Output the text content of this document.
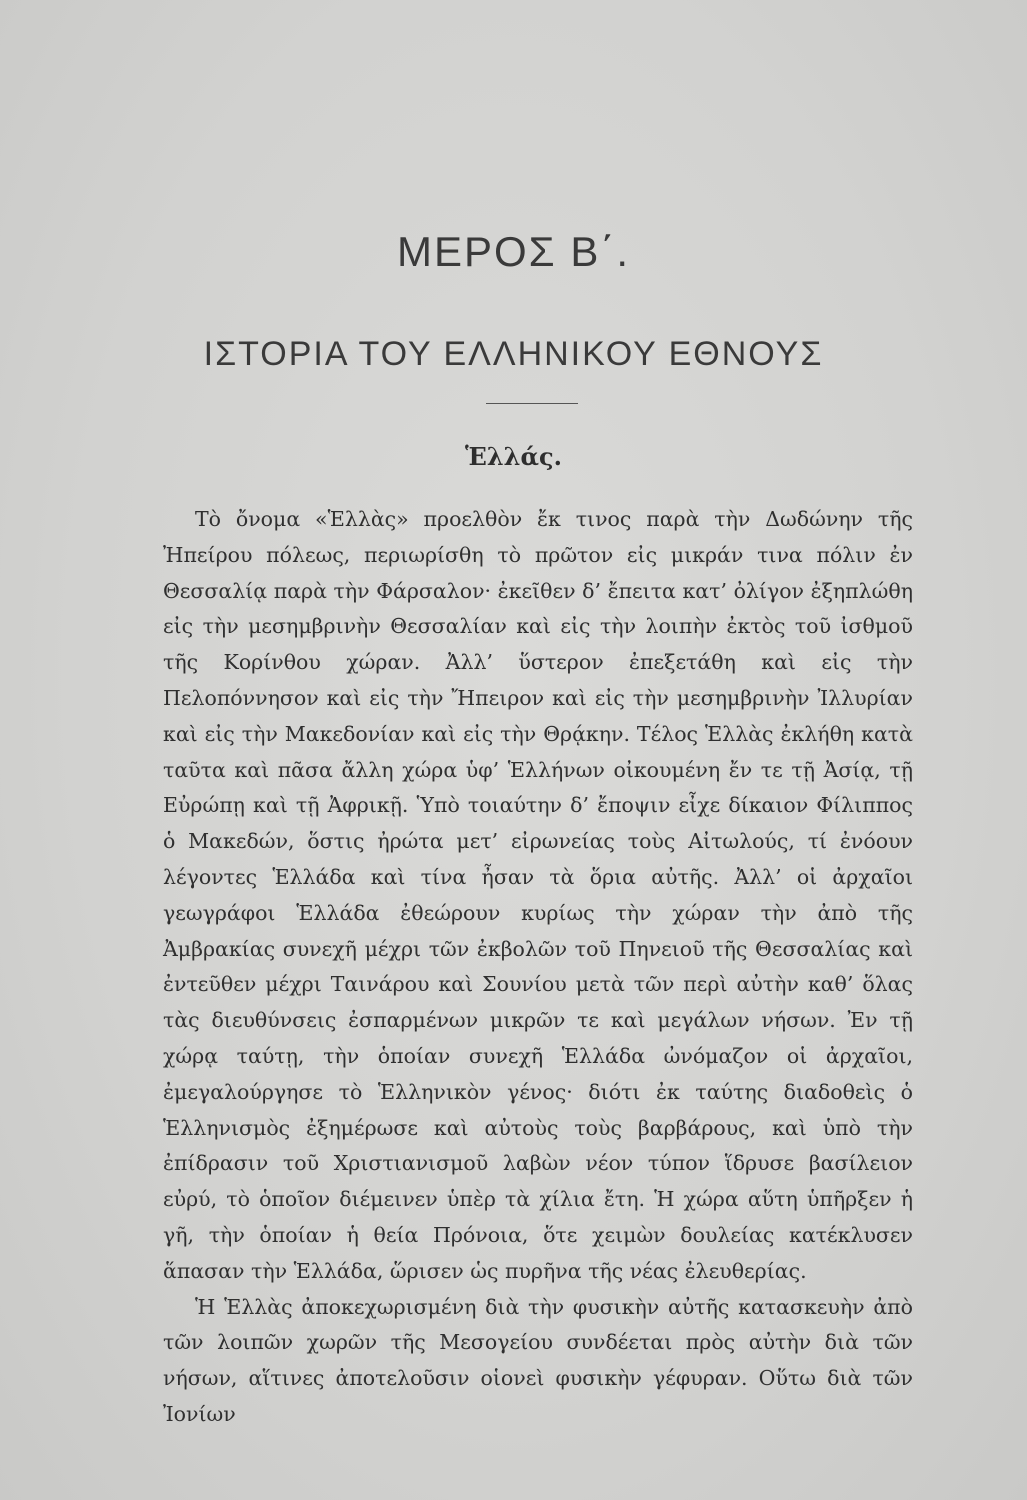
ΜΕΡΟΣ Β΄.
ΙΣΤΟΡΙΑ ΤΟΥ ΕΛΛΗΝΙΚΟΥ ΕΘΝΟΥΣ
Ἑλλάς.

Τὸ ὄνομα «Ἑλλὰς» προελθὸν ἔκ τινος παρὰ τὴν Δωδώνην τῆς Ἠπείρου πόλεως, περιωρίσθη τὸ πρῶτον εἰς μικράν τινα πόλιν ἐν Θεσσαλίᾳ παρὰ τὴν Φάρσαλον· ἐκεῖθεν δ’ ἔπειτα κατ’ ὀλίγον ἐξηπλώθη εἰς τὴν μεσημβρινὴν Θεσσαλίαν καὶ εἰς τὴν λοιπὴν ἐκτὸς τοῦ ἰσθμοῦ τῆς Κορίνθου χώραν. Ἀλλ’ ὕστερον ἐπεξετάθη καὶ εἰς τὴν Πελοπόννησον καὶ εἰς τὴν Ἤπειρον καὶ εἰς τὴν μεσημβρινὴν Ἰλλυρίαν καὶ εἰς τὴν Μακεδονίαν καὶ εἰς τὴν Θρᾴκην. Τέλος Ἑλλὰς ἐκλήθη κατὰ ταῦτα καὶ πᾶσα ἄλλη χώρα ὑφ’ Ἑλλήνων οἰκουμένη ἔν τε τῇ Ἀσίᾳ, τῇ Εὐρώπῃ καὶ τῇ Ἀφρικῇ. Ὑπὸ τοιαύτην δ’ ἔποψιν εἶχε δίκαιον Φίλιππος ὁ Μακεδών, ὅστις ἠρώτα μετ’ εἰρωνείας τοὺς Αἰτωλούς, τί ἐνόουν λέγοντες Ἑλλάδα καὶ τίνα ἦσαν τὰ ὅρια αὐτῆς. Ἀλλ’ οἱ ἀρχαῖοι γεωγράφοι Ἑλλάδα ἐθεώρουν κυρίως τὴν χώραν τὴν ἀπὸ τῆς Ἀμβρακίας συνεχῆ μέχρι τῶν ἐκβολῶν τοῦ Πηνειοῦ τῆς Θεσσαλίας καὶ ἐντεῦθεν μέχρι Ταινάρου καὶ Σουνίου μετὰ τῶν περὶ αὐτὴν καθ’ ὅλας τὰς διευθύνσεις ἐσπαρμένων μικρῶν τε καὶ μεγάλων νήσων. Ἐν τῇ χώρᾳ ταύτῃ, τὴν ὁποίαν συνεχῆ Ἑλλάδα ὠνόμαζον οἱ ἀρχαῖοι, ἐμεγαλούργησε τὸ Ἑλληνικὸν γένος· διότι ἐκ ταύτης διαδοθεὶς ὁ Ἑλληνισμὸς ἐξημέρωσε καὶ αὐτοὺς τοὺς βαρβάρους, καὶ ὑπὸ τὴν ἐπίδρασιν τοῦ Χριστιανισμοῦ λαβὼν νέον τύπον ἵδρυσε βασίλειον εὐρύ, τὸ ὁποῖον διέμεινεν ὑπὲρ τὰ χίλια ἔτη. Ἡ χώρα αὕτη ὑπῆρξεν ἡ γῆ, τὴν ὁποίαν ἡ θεία Πρόνοια, ὅτε χειμὼν δουλείας κατέκλυσεν ἅπασαν τὴν Ἑλλάδα, ὥρισεν ὡς πυρῆνα τῆς νέας ἐλευθερίας.

Ἡ Ἑλλὰς ἀποκεχωρισμένη διὰ τὴν φυσικὴν αὐτῆς κατασκευὴν ἀπὸ τῶν λοιπῶν χωρῶν τῆς Μεσογείου συνδέεται πρὸς αὐτὴν διὰ τῶν νήσων, αἵτινες ἀποτελοῦσιν οἱονεὶ φυσικὴν γέφυραν. Οὕτω διὰ τῶν Ἰονίων
